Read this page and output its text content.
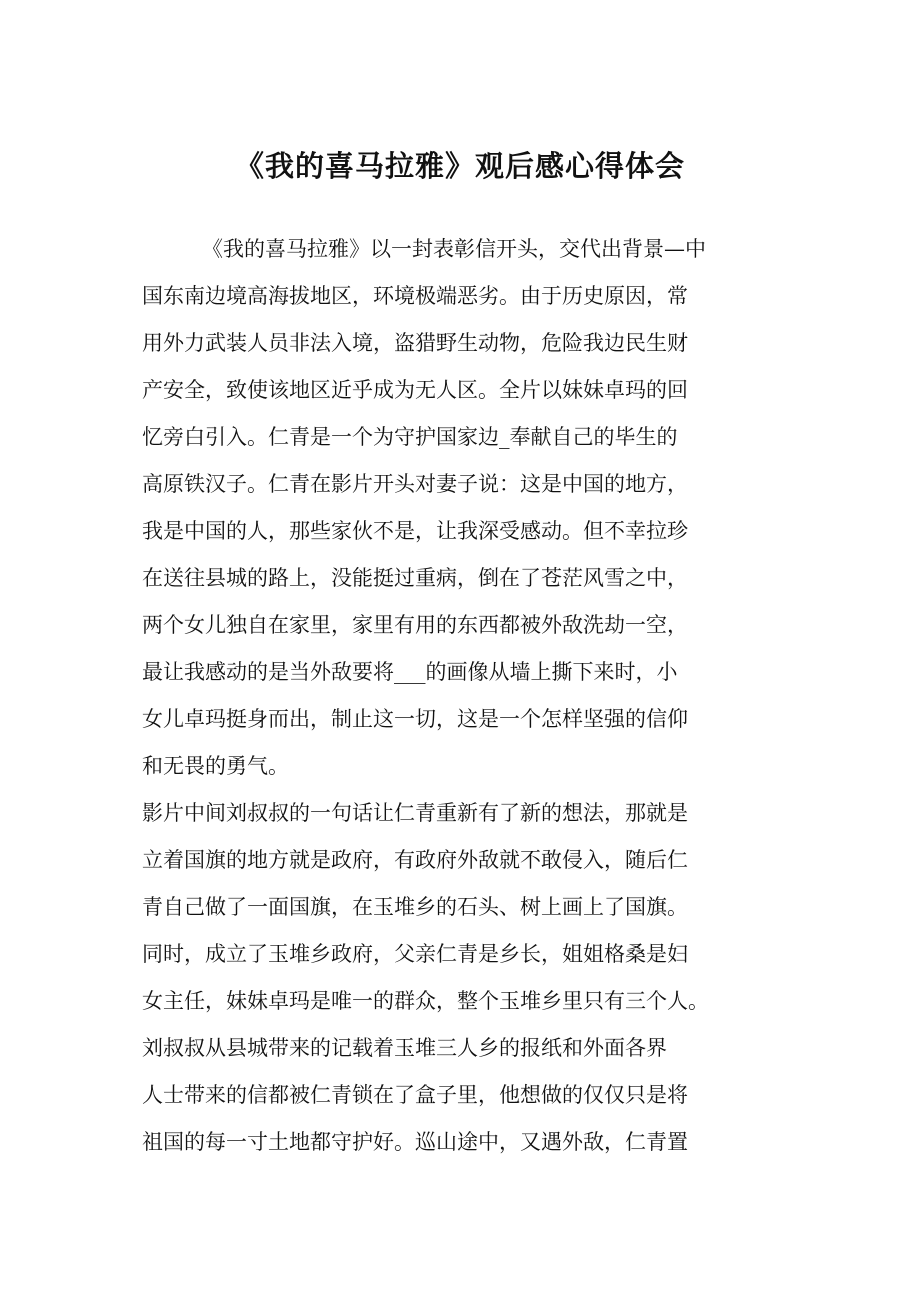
《我的喜马拉雅》观后感心得体会
《我的喜马拉雅》以一封表彰信开头，交代出背景—中
国东南边境高海拔地区，环境极端恶劣。由于历史原因，常
用外力武装人员非法入境，盗猎野生动物，危险我边民生财
产安全，致使该地区近乎成为无人区。全片以妹妹卓玛的回
忆旁白引入。仁青是一个为守护国家边_奉献自己的毕生的
高原铁汉子。仁青在影片开头对妻子说：这是中国的地方，
我是中国的人，那些家伙不是，让我深受感动。但不幸拉珍
在送往县城的路上，没能挺过重病，倒在了苍茫风雪之中，
两个女儿独自在家里，家里有用的东西都被外敌洗劫一空，
最让我感动的是当外敌要将___的画像从墙上撕下来时，小
女儿卓玛挺身而出，制止这一切，这是一个怎样坚强的信仰
和无畏的勇气。
影片中间刘叔叔的一句话让仁青重新有了新的想法，那就是
立着国旗的地方就是政府，有政府外敌就不敢侵入，随后仁
青自己做了一面国旗，在玉堆乡的石头、树上画上了国旗。
同时，成立了玉堆乡政府，父亲仁青是乡长，姐姐格桑是妇
女主任，妹妹卓玛是唯一的群众，整个玉堆乡里只有三个人。
刘叔叔从县城带来的记载着玉堆三人乡的报纸和外面各界
人士带来的信都被仁青锁在了盒子里，他想做的仅仅只是将
祖国的每一寸土地都守护好。巡山途中，又遇外敌，仁青置
